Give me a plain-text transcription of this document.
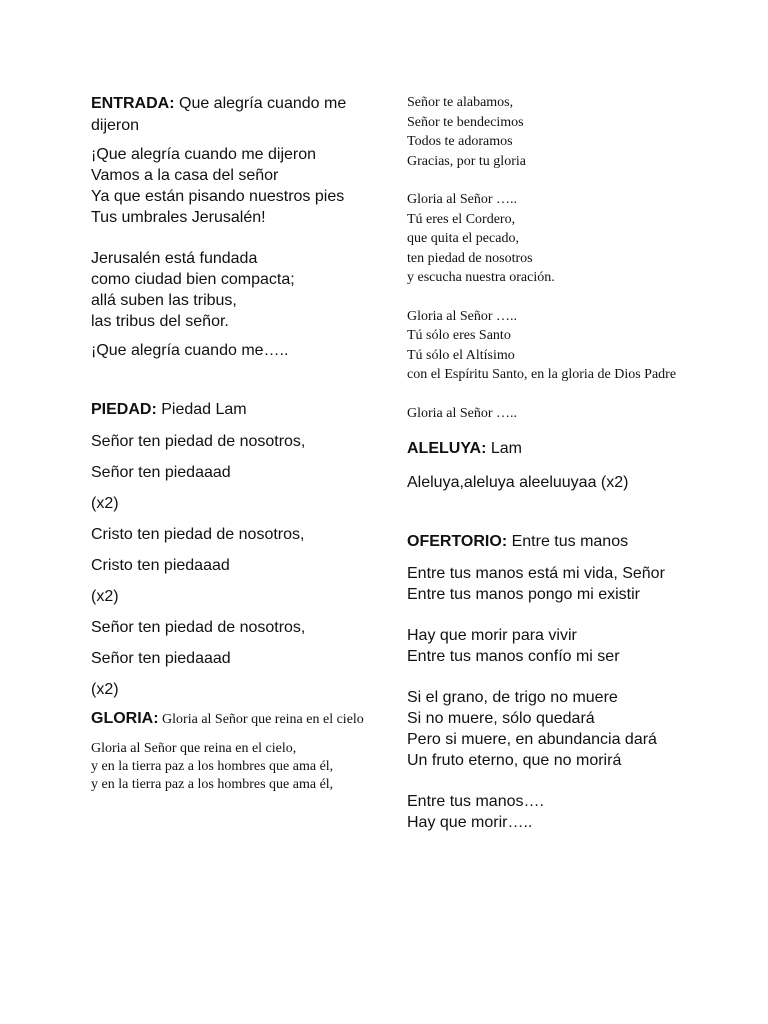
ENTRADA: Que alegría cuando me dijeron

¡Que alegría cuando me dijeron
Vamos a la casa del señor
Ya que están pisando nuestros pies
Tus umbrales Jerusalén!

Jerusalén está fundada
como ciudad bien compacta;
allá suben las tribus,
las tribus del señor.

¡Que alegría cuando me…..

PIEDAD: Piedad Lam

Señor ten piedad de nosotros,

Señor ten piedaaad

(x2)

Cristo ten piedad de nosotros,

Cristo ten piedaaad

(x2)

Señor ten piedad de nosotros,

Señor ten piedaaad

(x2)

GLORIA: Gloria al Señor que reina en el cielo

Gloria al Señor que reina en el cielo,
y en la tierra paz a los hombres que ama él,
y en la tierra paz a los hombres que ama él,

Señor te alabamos,
Señor te bendecimos
Todos te adoramos
Gracias, por tu gloria

Gloria al Señor …..
Tú eres el Cordero,
que quita el pecado,
ten piedad de nosotros
y escucha nuestra oración.

Gloria al Señor …..
Tú sólo eres Santo
Tú sólo el Altísimo
con el Espíritu Santo, en la gloria de Dios Padre

Gloria al Señor …..

ALELUYA: Lam

Aleluya,aleluya aleeluuyaa (x2)

OFERTORIO: Entre tus manos

Entre tus manos está mi vida, Señor
Entre tus manos pongo mi existir

Hay que morir para vivir
Entre tus manos confío mi ser

Si el grano, de trigo no muere
Si no muere, sólo quedará
Pero si muere, en abundancia dará
Un fruto eterno, que no morirá

Entre tus manos….
Hay que morir…..
